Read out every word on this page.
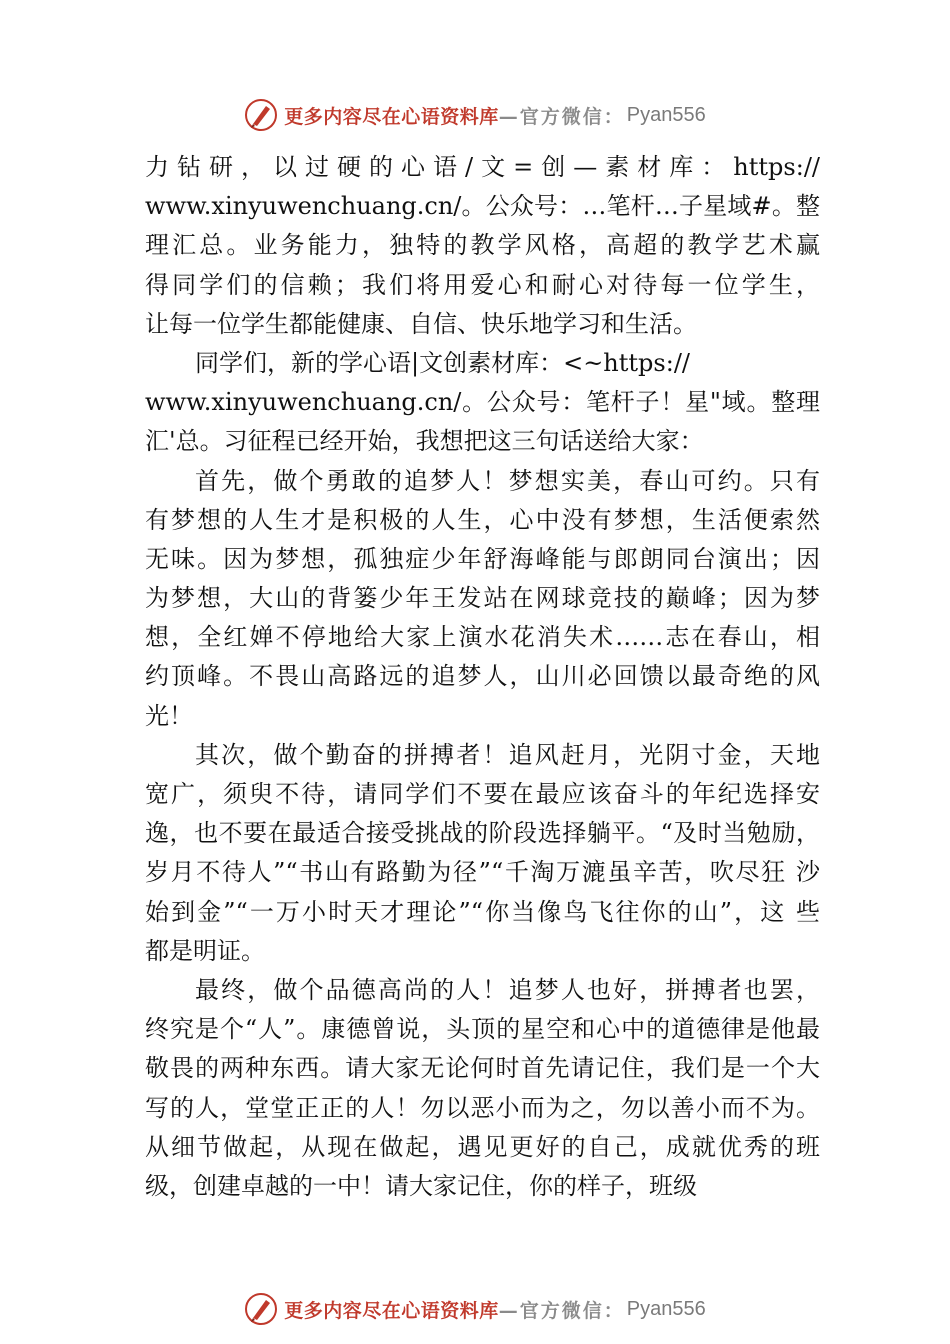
更多内容尽在心语资料库 —官方微信： Pyan556
力钻研，以过硬的心语/文=创—素材库：https://
www.xinyuwenchuang.cn/。公众号：…笔杆…子星域#。整
理汇总。业务能力，独特的教学风格，高超的教学艺术赢
得同学们的信赖；我们将用爱心和耐心对待每一位学生，
让每一位学生都能健康、自信、快乐地学习和生活。
同学们，新的学心语|文创素材库：<~https://
www.xinyuwenchuang.cn/。公众号：笔杆子！星"域。整理
汇'总。习征程已经开始，我想把这三句话送给大家：
首先，做个勇敢的追梦人！梦想实美，春山可约。只有
有梦想的人生才是积极的人生，心中没有梦想，生活便索然
无味。因为梦想，孤独症少年舒海峰能与郎朗同台演出；因
为梦想，大山的背篓少年王发站在网球竞技的巅峰；因为梦
想，全红婵不停地给大家上演水花消失术……志在春山，相
约顶峰。不畏山高路远的追梦人，山川必回馈以最奇绝的风
光！
其次，做个勤奋的拼搏者！追风赶月，光阴寸金，天地
宽广，须臾不待，请同学们不要在最应该奋斗的年纪选择安
逸，也不要在最适合接受挑战的阶段选择躺平。“及时当勉励，
岁月不待人”“书山有路勤为径”“千淘万漉虽辛苦，吹尽狂 沙
始到金”“一万小时天才理论”“你当像鸟飞往你的山”，这 些
都是明证。
最终，做个品德高尚的人！追梦人也好，拼搏者也罢，
终究是个“人”。康德曾说，头顶的星空和心中的道德律是他最
敬畏的两种东西。请大家无论何时首先请记住，我们是一个大
写的人，堂堂正正的人！勿以恶小而为之，勿以善小而不为。
从细节做起，从现在做起，遇见更好的自己，成就优秀的班
级，创建卓越的一中！请大家记住，你的样子，班级
更多内容尽在心语资料库 —官方微信： Pyan556
